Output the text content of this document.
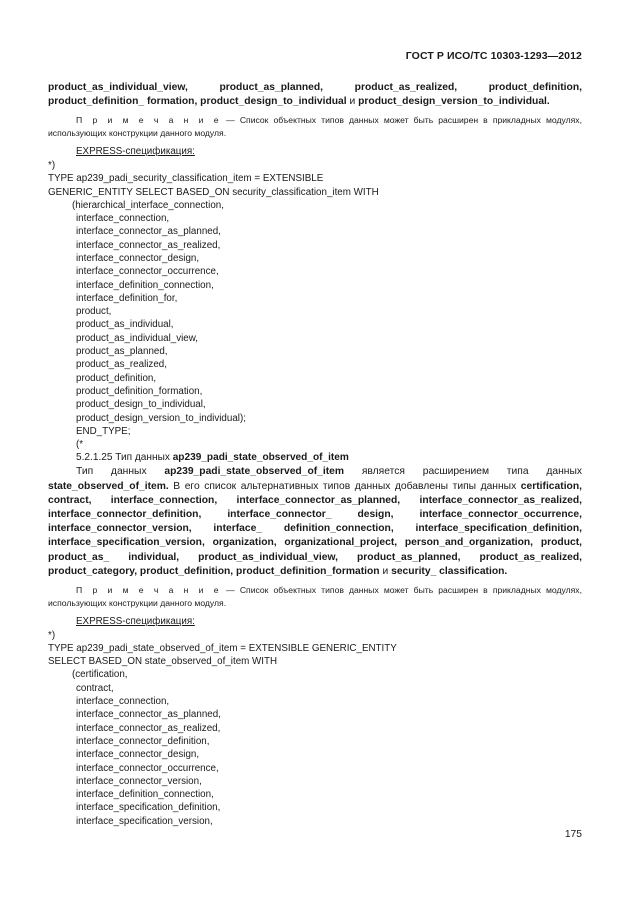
ГОСТ Р ИСО/ТС 10303-1293—2012

product_as_individual_view, product_as_planned, product_as_realized, product_definition, product_definition_ formation, product_design_to_individual и product_design_version_to_individual.

П р и м е ч а н и е — Список объектных типов данных может быть расширен в прикладных модулях, использующих конструкции данного модуля.
EXPRESS-спецификация:
*)
TYPE ap239_padi_security_classification_item = EXTENSIBLE
GENERIC_ENTITY SELECT BASED_ON security_classification_item WITH
(hierarchical_interface_connection,
interface_connection,
interface_connector_as_planned,
interface_connector_as_realized,
interface_connector_design,
interface_connector_occurrence,
interface_definition_connection,
interface_definition_for,
product,
product_as_individual,
product_as_individual_view,
product_as_planned,
product_as_realized,
product_definition,
product_definition_formation,
product_design_to_individual,
product_design_version_to_individual);
END_TYPE;
(*
5.2.1.25 Тип данных ap239_padi_state_observed_of_item

Тип данных ap239_padi_state_observed_of_item является расширением типа данных state_observed_of_item. В его список альтернативных типов данных добавлены типы данных certification, contract, interface_connection, interface_connector_as_planned, interface_connector_as_realized, interface_connector_definition, interface_connector_ design, interface_connector_occurrence, interface_connector_version, interface_ definition_connection, interface_specification_definition, interface_specification_version, organization, organizational_project, person_and_organization, product, product_as_ individual, product_as_individual_view, product_as_planned, product_as_realized, product_category, product_definition, product_definition_formation и security_ classification.

П р и м е ч а н и е — Список объектных типов данных может быть расширен в прикладных модулях, использующих конструкции данного модуля.
EXPRESS-спецификация:
*)
TYPE ap239_padi_state_observed_of_item = EXTENSIBLE GENERIC_ENTITY
SELECT BASED_ON state_observed_of_item WITH
(certification,
contract,
interface_connection,
interface_connector_as_planned,
interface_connector_as_realized,
interface_connector_definition,
interface_connector_design,
interface_connector_occurrence,
interface_connector_version,
interface_definition_connection,
interface_specification_definition,
interface_specification_version,
175
